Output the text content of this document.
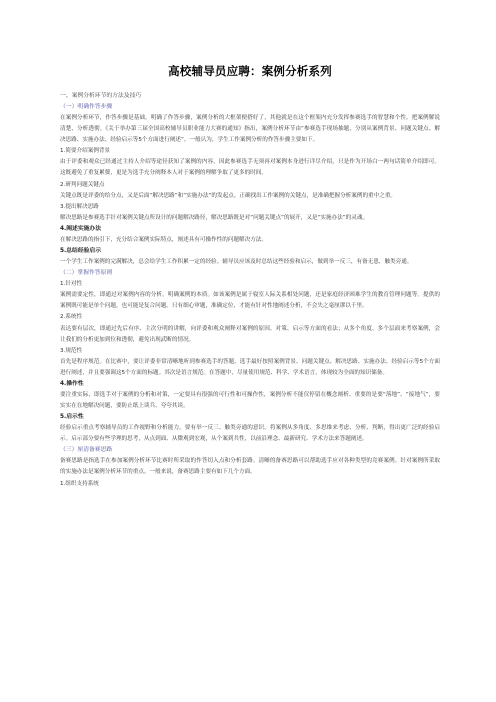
高校辅导员应聘：案例分析系列

一、案例分析环节的方法及技巧

（一）明确作答步骤

在案例分析环节，作答步骤是基础。明确了作答步骤，案例分析的大框架便搭好了，其他就是在这个框架内充分发挥参赛选手的智慧和个性。把案例解说清楚、分析透彻。《关于举办第三届全国高校辅导员职业能力大赛的通知》指出，案例分析环节由“参赛选手现场抽题，分别从案例背景、问题关键点、解决思路、实施办法、经验启示等5个方面进行阐述”。一般认为，学生工作案例分析的作答步骤主要如下。

1.简要介绍案例背景

由于评委和观众已经通过主持人介绍等途径获知了案例的内容，因此参赛选手无须再对案例本身进行详尽介绍，只是作为开场白一两句话简单介绍即可。这既避免了重复累赘，更是为选手充分阐释本人对于案例的理解争取了更多的时间。

2.研判问题关键点

关键点既是评委的给分点，又是后面“解决思路”和“实施办法”的发起点。正确找出工作案例的关键点，是准确把握分析案例的重中之重。

3.提出解决思路

解决思路是参赛选手针对案例关键点所设计的问题解决路径，解决思路既是对“问题关键点”的展开，又是“实施办法”的灵魂。

4.阐述实施办法

在解决思路的指引下，充分结合案例实际特点，阐述具有可操作性的问题解决方法。

5.总结经验启示

一个学生工作案例的完满解决，总会给学生工作积累一定的经验。辅导员应该及时总结这些经验和启示，做到举一反三，有备无患，触类旁通。

（二）掌握作答原则

1.针对性

案例需要定性，即通过对案例内容的分析，明确案例的本质。如该案例是属于寝室人际关系相处问题，还是家庭经济困难学生的教育管理问题等。提供的案例既可能是单个问题，也可能是复合问题。只有细心审题，准确定位，才能有针对性地阐述分析，不会失之毫厘谬以千里。

2.系统性

表达要有层次，即通过先后有序、主次分明的讲解，向评委和观众阐释对案例的原因、对策、启示等方面的看法；从多个角度、多个层面来考察案例，会让我们的分析更加到位和透彻，避免出现武断的情况。

3.规范性

首先是程序规范。在比赛中，要让评委非常清晰地听到参赛选手的答题，选手最好按照案例背景、问题关键点、解决思路、实施办法、经验启示等5个方面进行阐述，并且要强调这5个方面的标题。其次是语言规范。在答题中，尽量使用规范、科学、学术语言，体现较为全面的知识储备。

4.操作性

要注重实际，即选手对于案例的分析和对策，一定要具有很强的可行性和可操作性，案例分析不能仅停留在概念阐析、重要的是要“落地”、“接地气”，要实实在在地解决问题，要防止纸上谈兵、夸夸其谈。

5.启示性

经验启示重点考察辅导员的工作视野和分析能力，要有举一反三、触类旁通的意识。将案例从多角度、多思维来考虑、分析、判断，得出更广泛的经验启示。启示部分要有些学理的思考，从点到面、从微观到宏观，从个案到共性，以前沿理念、最新研究、学术方法来答题阐述。

（三）厘清备赛思路

备赛思路是指选手在参加案例分析环节比赛时所采取的作答切入点和分析套路。清晰的备赛思路可以帮助选手应对各种类型的竞赛案例。针对案例所采取的实施办法是案例分析环节的重点。一般来说，备赛思路主要有如下几个方面。

1.组织支持系统
